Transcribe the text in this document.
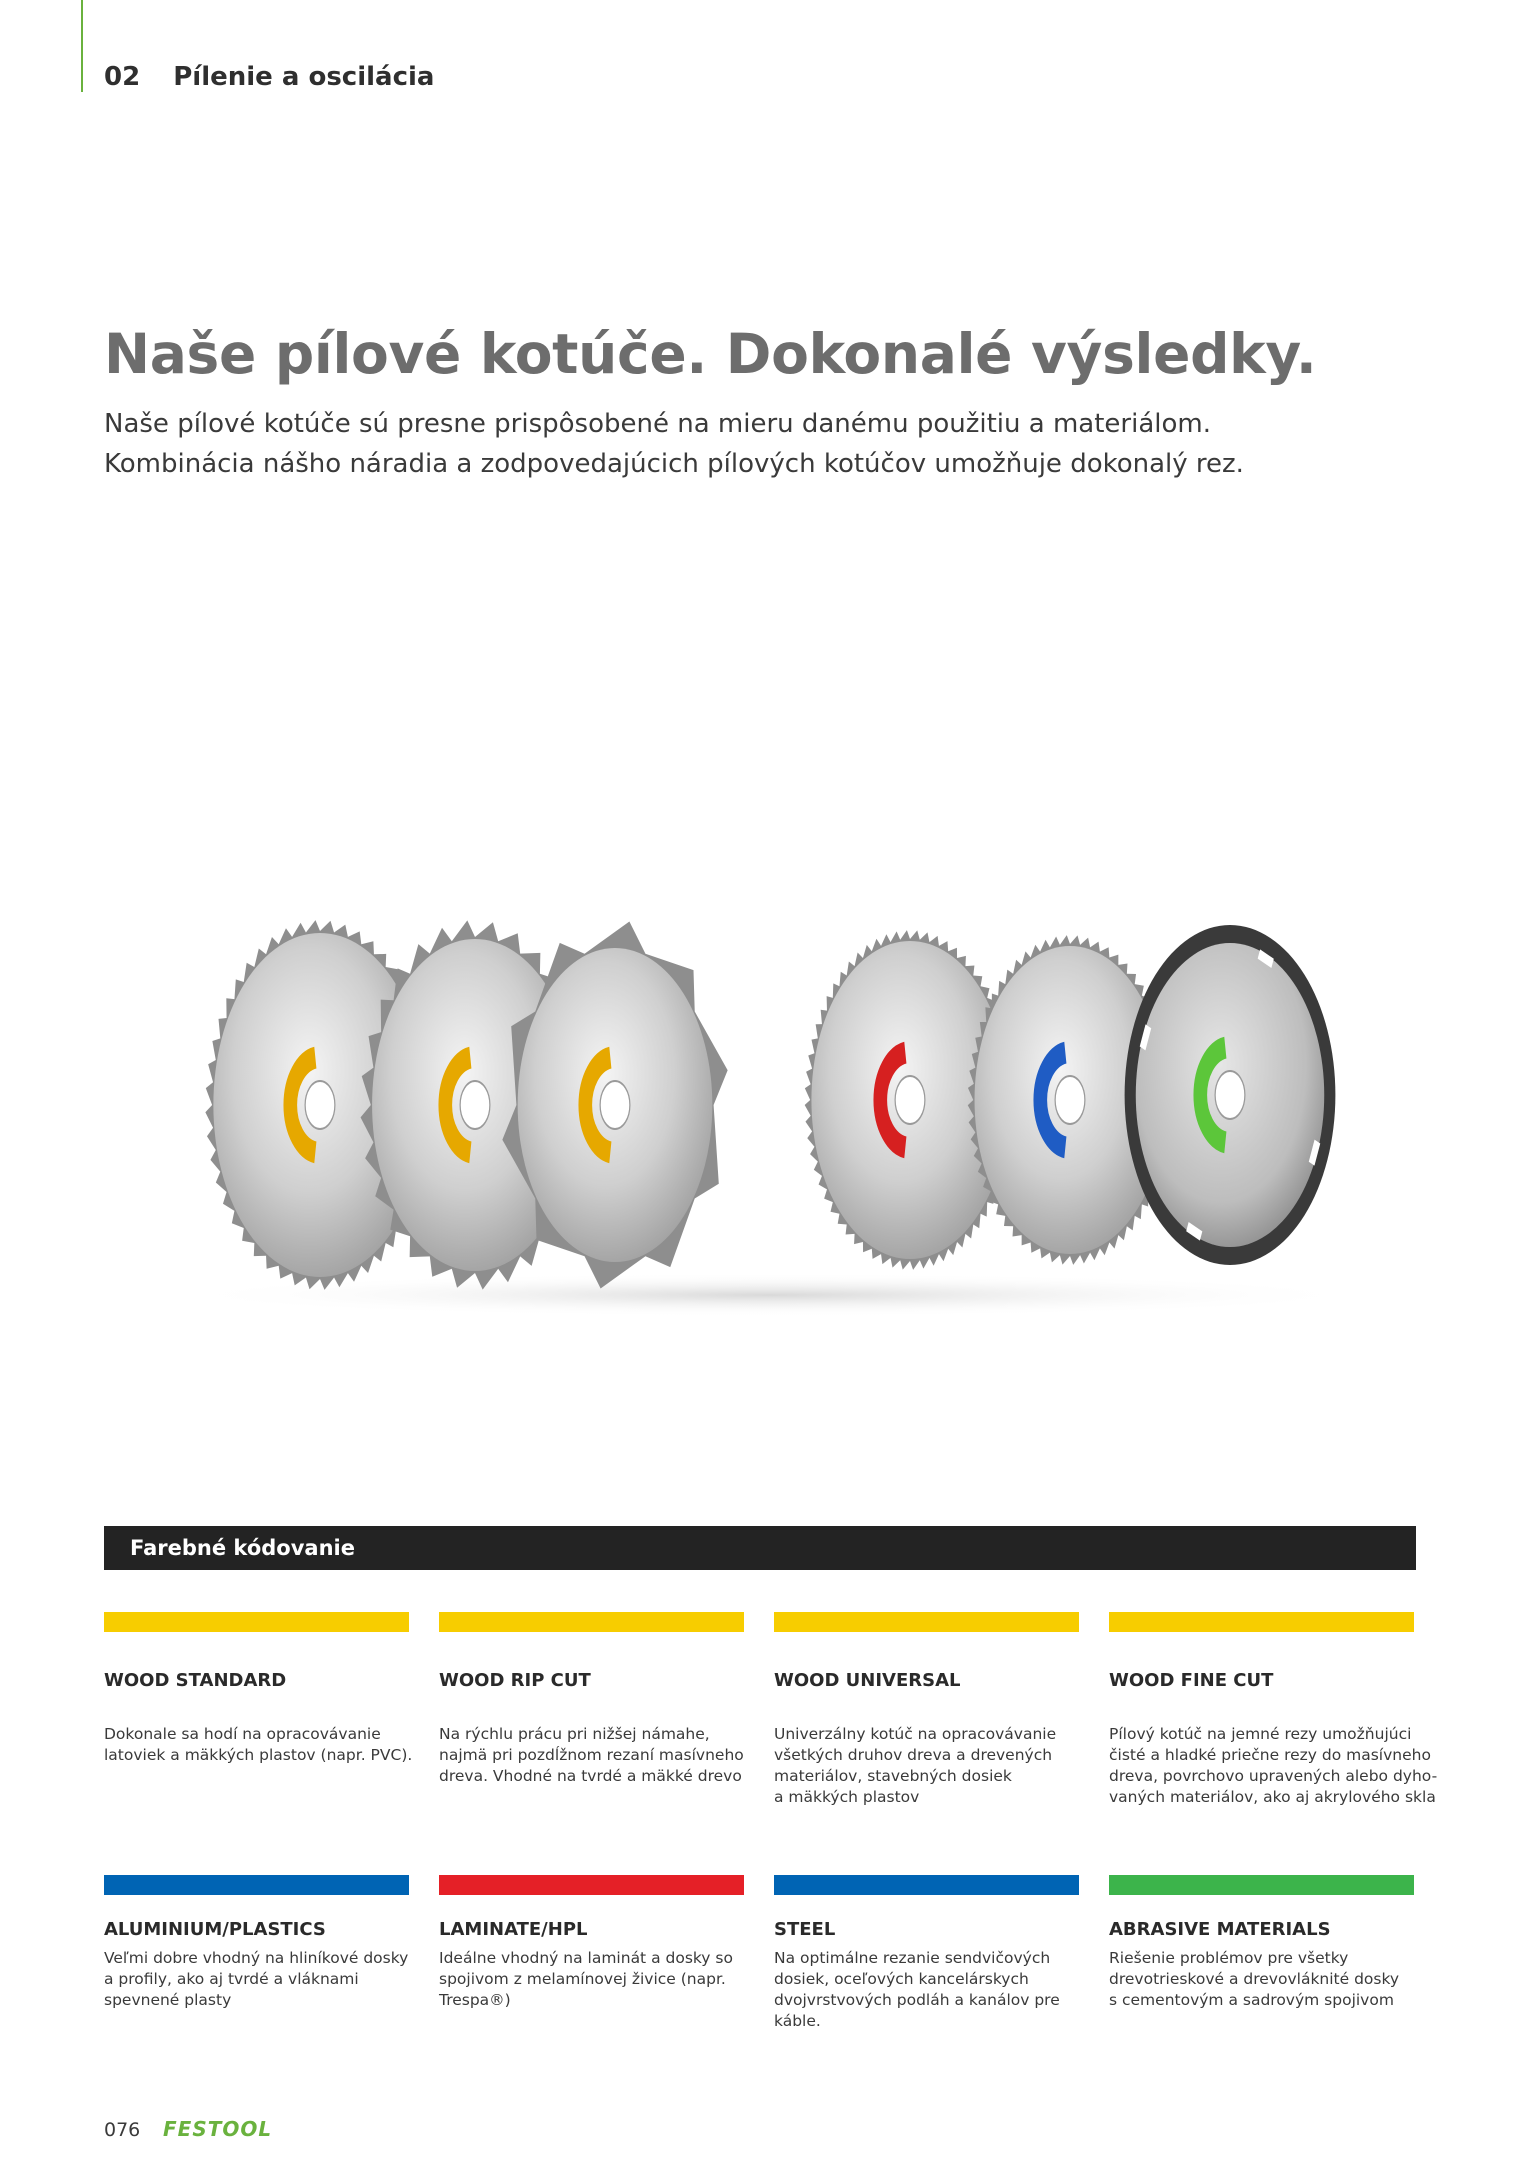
02 Pílenie a oscilácia
Naše pílové kotúče. Dokonalé výsledky.

Naše pílové kotúče sú presne prispôsobené na mieru danému použitiu a materiálom.

Kombinácia nášho náradia a zodpovedajúcich pílových kotúčov umožňuje dokonalý rez.

Farebné kódovanie
WOOD STANDARD
Dokonale sa hodí na opracovávanie
latoviek a mäkkých plastov (napr. PVC).
WOOD RIP CUT
Na rýchlu prácu pri nižšej námahe,
najmä pri pozdĺžnom rezaní masívneho
dreva. Vhodné na tvrdé a mäkké drevo
WOOD UNIVERSAL
Univerzálny kotúč na opracovávanie
všetkých druhov dreva a drevených
materiálov, stavebných dosiek
a mäkkých plastov
WOOD FINE CUT
Pílový kotúč na jemné rezy umožňujúci
čisté a hladké priečne rezy do masívneho
dreva, povrchovo upravených alebo dyho-
vaných materiálov, ako aj akrylového skla
ALUMINIUM/PLASTICS
Veľmi dobre vhodný na hliníkové dosky
a profily, ako aj tvrdé a vláknami
spevnené plasty
LAMINATE/HPL
Ideálne vhodný na laminát a dosky so
spojivom z melamínovej živice (napr.
Trespa®)
STEEL
Na optimálne rezanie sendvičových
dosiek, oceľových kancelárskych
dvojvrstvových podláh a kanálov pre
káble.
ABRASIVE MATERIALS
Riešenie problémov pre všetky
drevotrieskové a drevovláknité dosky
s cementovým a sadrovým spojivom
076 FESTOOL
